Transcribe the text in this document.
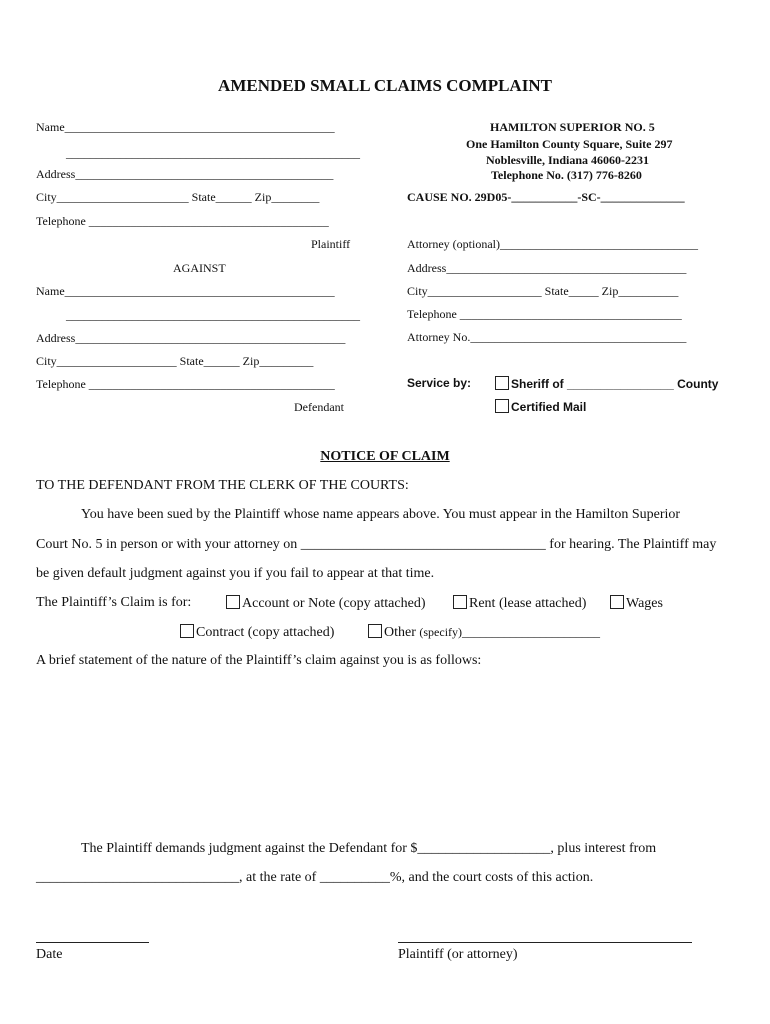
AMENDED SMALL CLAIMS COMPLAINT
Name_____________________________________________
_________________________________________________
Address___________________________________________
City______________________ State______ Zip________
Telephone ________________________________________
Plaintiff
AGAINST
Name_____________________________________________
_________________________________________________
Address_____________________________________________
City____________________ State______ Zip_________
Telephone _________________________________________
Defendant
HAMILTON SUPERIOR NO. 5
One Hamilton County Square, Suite 297
Noblesville, Indiana 46060-2231
Telephone No. (317) 776-8260
CAUSE NO. 29D05-___________-SC-______________
Attorney (optional)_________________________________
Address________________________________________
City___________________ State_____ Zip__________
Telephone _____________________________________
Attorney No.____________________________________
Service by:	Sheriff of ________________ County
Certified Mail
NOTICE OF CLAIM
TO THE DEFENDANT FROM THE CLERK OF THE COURTS:
You have been sued by the Plaintiff whose name appears above. You must appear in the Hamilton Superior
Court No. 5 in person or with your attorney on ___________________________________ for hearing. The Plaintiff may
be given default judgment against you if you fail to appear at that time.
The Plaintiff’s Claim is for:	Account or Note (copy attached)	Rent (lease attached)	Wages
Contract (copy attached)	Other (specify)_______________________
A brief statement of the nature of the Plaintiff’s claim against you is as follows:
The Plaintiff demands judgment against the Defendant for $___________________, plus interest from
_____________________________, at the rate of __________%, and the court costs of this action.
Date	Plaintiff (or attorney)
